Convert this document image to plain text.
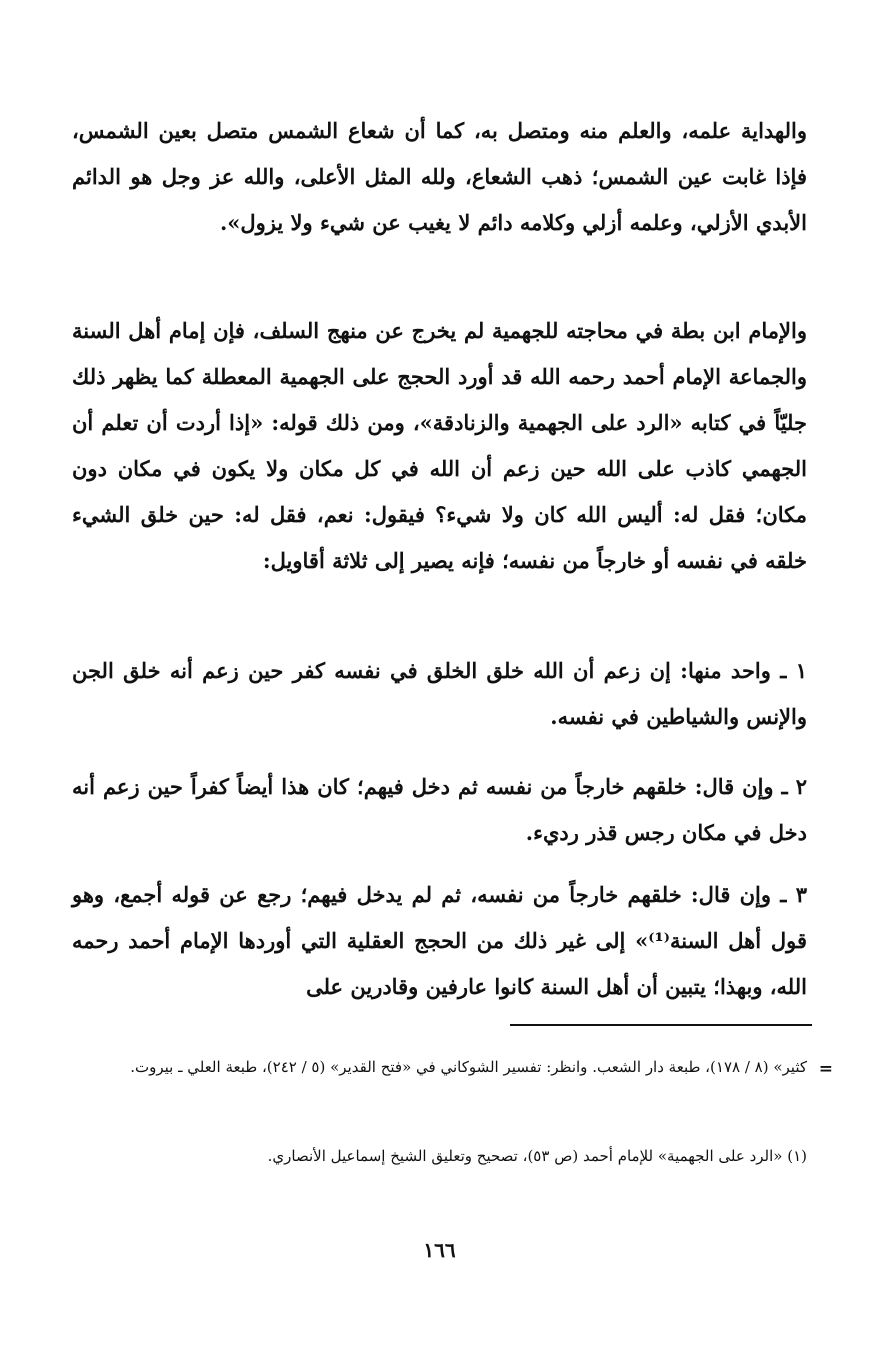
والهداية علمه، والعلم منه ومتصل به، كما أن شعاع الشمس متصل بعين الشمس، فإذا غابت عين الشمس؛ ذهب الشعاع، ولله المثل الأعلى، والله عز وجل هو الدائم الأبدي الأزلي، وعلمه أزلي وكلامه دائم لا يغيب عن شيء ولا يزول».

والإمام ابن بطة في محاجته للجهمية لم يخرج عن منهج السلف، فإن إمام أهل السنة والجماعة الإمام أحمد رحمه الله قد أورد الحجج على الجهمية المعطلة كما يظهر ذلك جليّاً في كتابه «الرد على الجهمية والزنادقة»، ومن ذلك قوله: «إذا أردت أن تعلم أن الجهمي كاذب على الله حين زعم أن الله في كل مكان ولا يكون في مكان دون مكان؛ فقل له: أليس الله كان ولا شيء؟ فيقول: نعم، فقل له: حين خلق الشيء خلقه في نفسه أو خارجاً من نفسه؛ فإنه يصير إلى ثلاثة أقاويل:

١ ـ واحد منها: إن زعم أن الله خلق الخلق في نفسه كفر حين زعم أنه خلق الجن والإنس والشياطين في نفسه.

٢ ـ وإن قال: خلقهم خارجاً من نفسه ثم دخل فيهم؛ كان هذا أيضاً كفراً حين زعم أنه دخل في مكان رجس قذر رديء.

٣ ـ وإن قال: خلقهم خارجاً من نفسه، ثم لم يدخل فيهم؛ رجع عن قوله أجمع، وهو قول أهل السنة⁽¹⁾» إلى غير ذلك من الحجج العقلية التي أوردها الإمام أحمد رحمه الله، وبهذا؛ يتبين أن أهل السنة كانوا عارفين وقادرين على

=

كثير» (٨ / ١٧٨)، طبعة دار الشعب. وانظر: تفسير الشوكاني في «فتح القدير» (٥ / ٢٤٢)، طبعة العلي ـ بيروت.

(١) «الرد على الجهمية» للإمام أحمد (ص ٥٣)، تصحيح وتعليق الشيخ إسماعيل الأنصاري.

١٦٦
